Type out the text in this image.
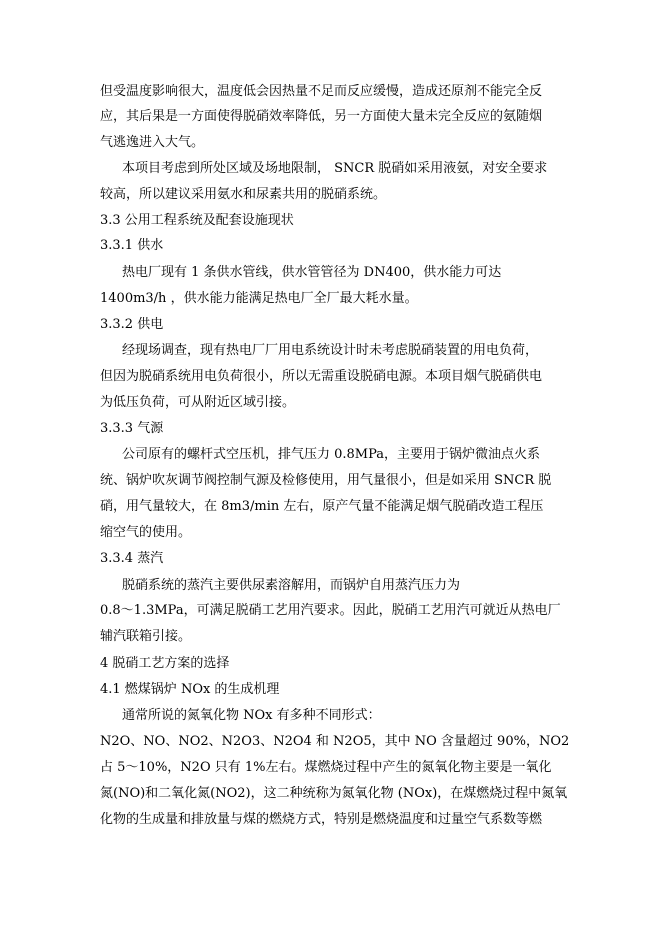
但受温度影响很大，温度低会因热量不足而反应缓慢，造成还原剂不能完全反
应，其后果是一方面使得脱硝效率降低，另一方面使大量未完全反应的氨随烟
气逃逸进入大气。
本项目考虑到所处区域及场地限制， SNCR 脱硝如采用液氨，对安全要求
较高，所以建议采用氨水和尿素共用的脱硝系统。
3.3 公用工程系统及配套设施现状
3.3.1 供水
热电厂现有 1 条供水管线，供水管管径为 DN400，供水能力可达
1400m3/h ，供水能力能满足热电厂全厂最大耗水量。
3.3.2 供电
经现场调查，现有热电厂厂用电系统设计时未考虑脱硝装置的用电负荷，
但因为脱硝系统用电负荷很小，所以无需重设脱硝电源。本项目烟气脱硝供电
为低压负荷，可从附近区域引接。
3.3.3 气源
公司原有的螺杆式空压机，排气压力 0.8MPa，主要用于锅炉微油点火系
统、锅炉吹灰调节阀控制气源及检修使用，用气量很小，但是如采用 SNCR 脱
硝，用气量较大，在 8m3/min 左右，原产气量不能满足烟气脱硝改造工程压
缩空气的使用。
3.3.4 蒸汽
脱硝系统的蒸汽主要供尿素溶解用，而锅炉自用蒸汽压力为
0.8～1.3MPa，可满足脱硝工艺用汽要求。因此，脱硝工艺用汽可就近从热电厂
辅汽联箱引接。
4 脱硝工艺方案的选择
4.1 燃煤锅炉 NOx 的生成机理
通常所说的氮氧化物 NOx 有多种不同形式：
N2O、NO、NO2、N2O3、N2O4 和 N2O5，其中 NO 含量超过 90%，NO2
占 5～10%，N2O 只有 1%左右。煤燃烧过程中产生的氮氧化物主要是一氧化
氮(NO)和二氧化氮(NO2)，这二种统称为氮氧化物 (NOx)，在煤燃烧过程中氮氧
化物的生成量和排放量与煤的燃烧方式，特别是燃烧温度和过量空气系数等燃
